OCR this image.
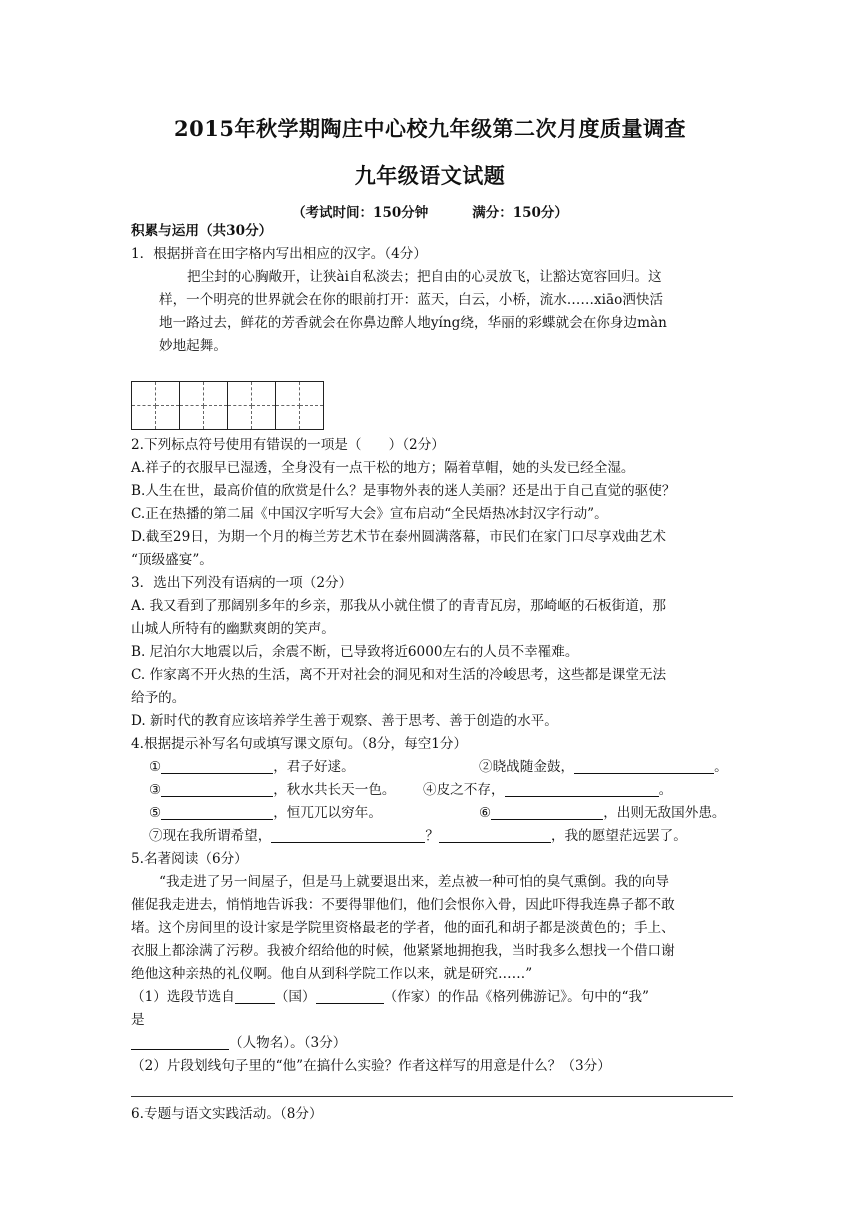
2015年秋学期陶庄中心校九年级第二次月度质量调查
九年级语文试题
（考试时间：150分钟	满分：150分）
积累与运用（共30分）
1．根据拼音在田字格内写出相应的汉字。（4分）
把尘封的心胸敞开，让狭ài自私淡去；把自由的心灵放飞，让豁达宽容回归。这
样，一个明亮的世界就会在你的眼前打开：蓝天，白云，小桥，流水……xiāo洒快活
地一路过去，鲜花的芳香就会在你鼻边醉人地yíng绕，华丽的彩蝶就会在你身边màn
妙地起舞。

2.下列标点符号使用有错误的一项是（　　）（2分）
A.祥子的衣服早已湿透，全身没有一点干松的地方；隔着草帽，她的头发已经全湿。
B.人生在世，最高价值的欣赏是什么？是事物外表的迷人美丽？还是出于自己直觉的驱使？
C.正在热播的第二届《中国汉字听写大会》宣布启动“全民焐热冰封汉字行动”。
D.截至29日，为期一个月的梅兰芳艺术节在泰州圆满落幕，市民们在家门口尽享戏曲艺术
“顶级盛宴”。
3．选出下列没有语病的一项（2分）
A. 我又看到了那阔别多年的乡亲，那我从小就住惯了的青青瓦房，那崎岖的石板街道，那
山城人所特有的幽默爽朗的笑声。
B. 尼泊尔大地震以后，余震不断，已导致将近6000左右的人员不幸罹难。
C. 作家离不开火热的生活，离不开对社会的洞见和对生活的冷峻思考，这些都是课堂无法
给予的。
D. 新时代的教育应该培养学生善于观察、善于思考、善于创造的水平。
4.根据提示补写名句或填写课文原句。（8分，每空1分）
①	，君子好逑。	②晓战随金鼓，	。
③	，秋水共长天一色。	④皮之不存，	。
⑤	，恒兀兀以穷年。	⑥	，出则无敌国外患。
⑦现在我所谓希望，	？	，我的愿望茫远罢了。
5.名著阅读（6分）
“我走进了另一间屋子，但是马上就要退出来，差点被一种可怕的臭气熏倒。我的向导
催促我走进去，悄悄地告诉我：不要得罪他们，他们会恨你入骨，因此吓得我连鼻子都不敢
堵。这个房间里的设计家是学院里资格最老的学者，他的面孔和胡子都是淡黄色的；手上、
衣服上都涂满了污秽。我被介绍给他的时候，他紧紧地拥抱我，当时我多么想找一个借口谢
绝他这种亲热的礼仪啊。他自从到科学院工作以来，就是研究……”
（1）选段节选自	（国）	（作家）的作品《格列佛游记》。句中的“我”
是
（人物名）。（3分）
（2）片段划线句子里的“他”在搞什么实验？作者这样写的用意是什么？（3分）
6.专题与语文实践活动。（8分）
